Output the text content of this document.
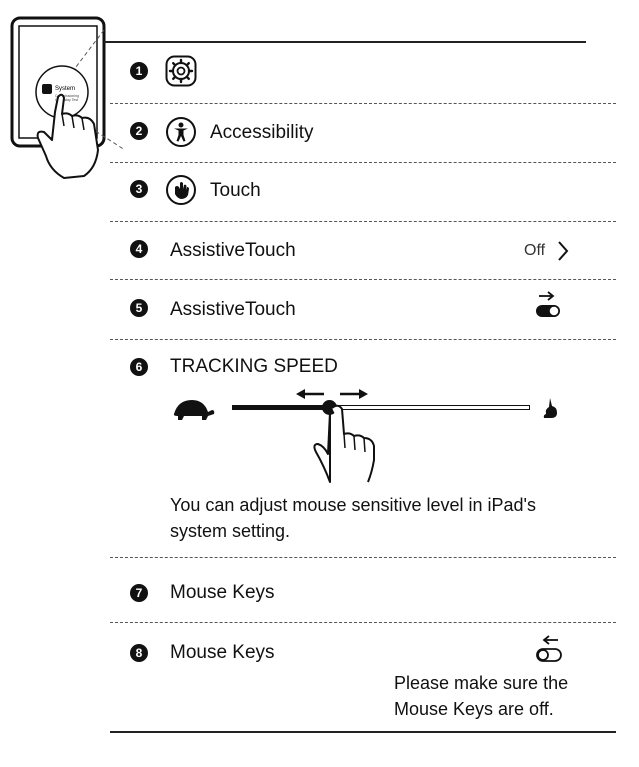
System
Commissioning
Quiet stay Test
1
2	Accessibility
3	Touch
4 AssistiveTouch	Off
5 AssistiveTouch
6 TRACKING SPEED
You can adjust mouse sensitive level in iPad's system setting.
7 Mouse Keys
8 Mouse Keys
Please make sure the Mouse Keys are off.
